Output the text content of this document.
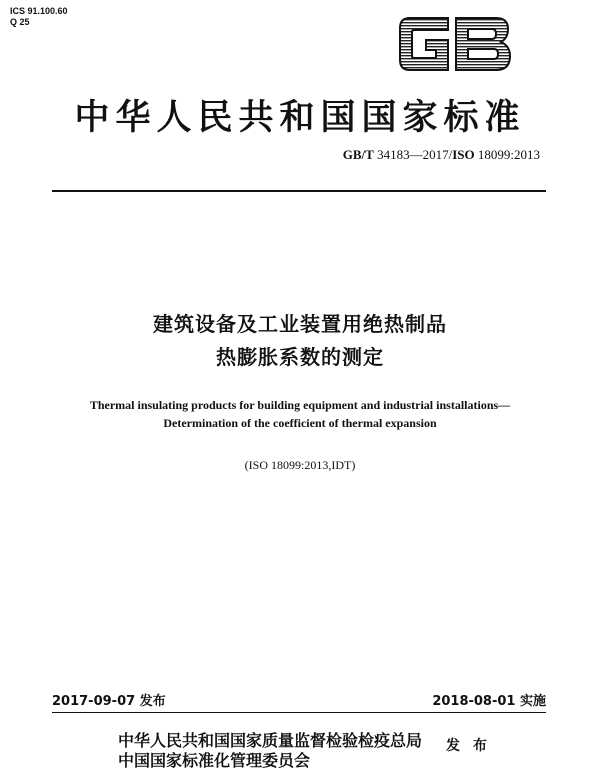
ICS 91.100.60
Q 25
中华人民共和国国家标准
GB/T 34183—2017/ISO 18099:2013
建筑设备及工业装置用绝热制品
热膨胀系数的测定
Thermal insulating products for building equipment and industrial installations—
Determination of the coefficient of thermal expansion
(ISO 18099:2013,IDT)
2017-09-07 发布	2018-08-01 实施
中华人民共和国国家质量监督检验检疫总局
中国国家标准化管理委员会
发 布
